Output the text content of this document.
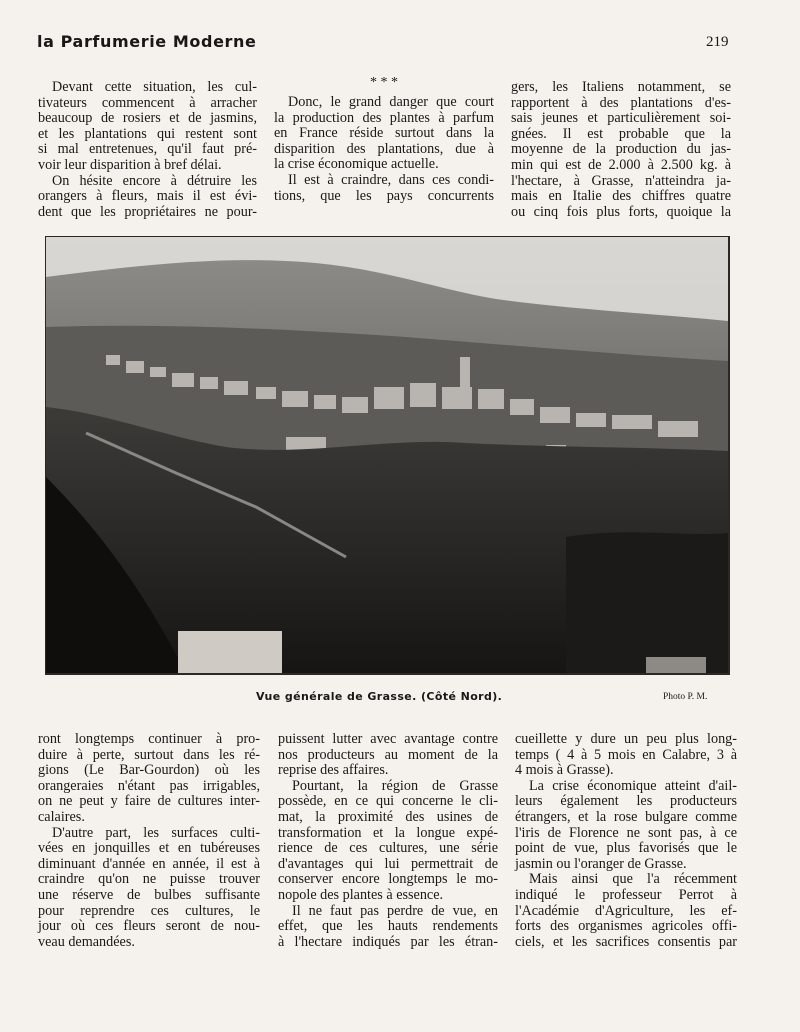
la Parfumerie Moderne	219
Devant cette situation, les cul-
tivateurs commencent à arracher
beaucoup de rosiers et de jasmins,
et les plantations qui restent sont
si mal entretenues, qu'il faut pré-
voir leur disparition à bref délai.
On hésite encore à détruire les
orangers à fleurs, mais il est évi-
dent que les propriétaires ne pour-
* * *
Donc, le grand danger que court
la production des plantes à parfum
en France réside surtout dans la
disparition des plantations, due à
la crise économique actuelle.
Il est à craindre, dans ces condi-
tions, que les pays concurrents
gers, les Italiens notamment, se
rapportent à des plantations d'es-
sais jeunes et particulièrement soi-
gnées. Il est probable que la
moyenne de la production du jas-
min qui est de 2.000 à 2.500 kg. à
l'hectare, à Grasse, n'atteindra ja-
mais en Italie des chiffres quatre
ou cinq fois plus forts, quoique la
Vue générale de Grasse. (Côté Nord).	Photo P. M.
ront longtemps continuer à pro-
duire à perte, surtout dans les ré-
gions (Le Bar-Gourdon) où les
orangeraies n'étant pas irrigables,
on ne peut y faire de cultures inter-
calaires.
D'autre part, les surfaces culti-
vées en jonquilles et en tubéreuses
diminuant d'année en année, il est à
craindre qu'on ne puisse trouver
une réserve de bulbes suffisante
pour reprendre ces cultures, le
jour où ces fleurs seront de nou-
veau demandées.
puissent lutter avec avantage contre
nos producteurs au moment de la
reprise des affaires.
Pourtant, la région de Grasse
possède, en ce qui concerne le cli-
mat, la proximité des usines de
transformation et la longue expé-
rience de ces cultures, une série
d'avantages qui lui permettrait de
conserver encore longtemps le mo-
nopole des plantes à essence.
Il ne faut pas perdre de vue, en
effet, que les hauts rendements
à l'hectare indiqués par les étran-
cueillette y dure un peu plus long-
temps ( 4 à 5 mois en Calabre, 3 à
4 mois à Grasse).
La crise économique atteint d'ail-
leurs également les producteurs
étrangers, et la rose bulgare comme
l'iris de Florence ne sont pas, à ce
point de vue, plus favorisés que le
jasmin ou l'oranger de Grasse.
Mais ainsi que l'a récemment
indiqué le professeur Perrot à
l'Académie d'Agriculture, les ef-
forts des organismes agricoles offi-
ciels, et les sacrifices consentis par
